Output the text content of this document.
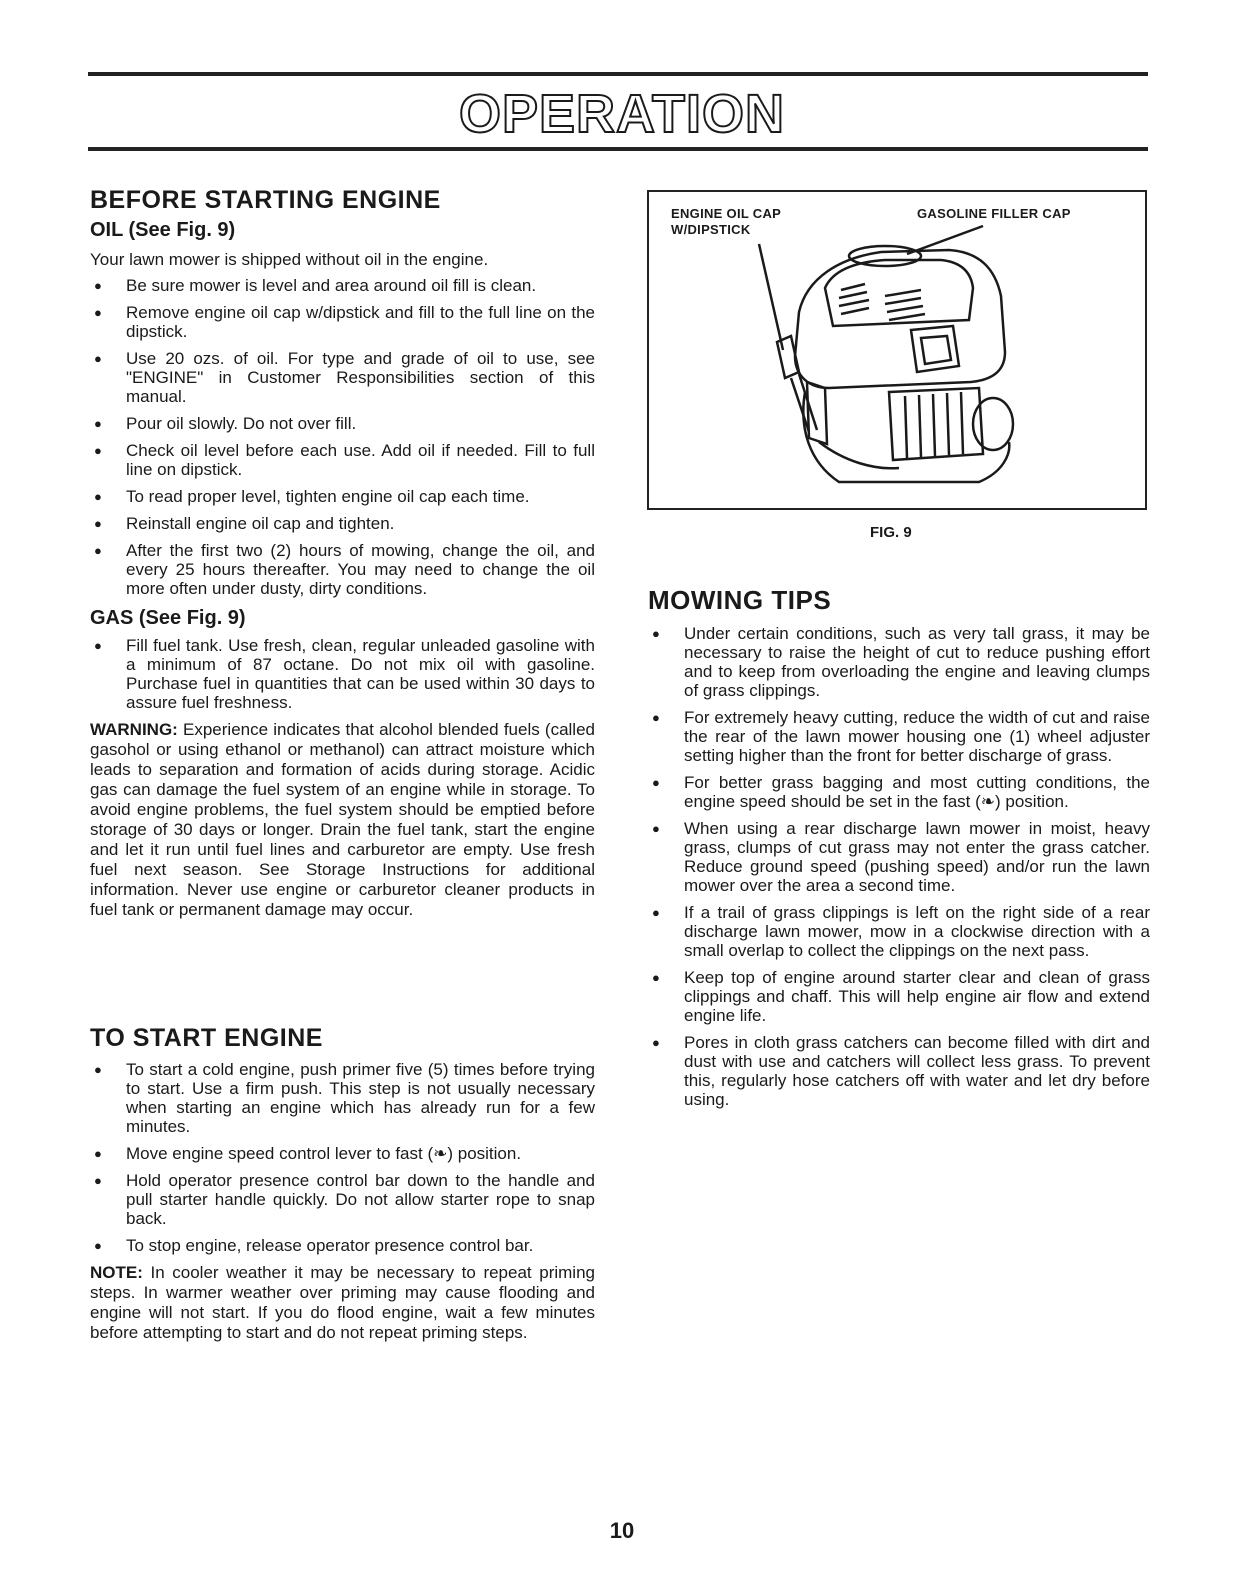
OPERATION
BEFORE STARTING ENGINE
OIL (See Fig. 9)

Your lawn mower is shipped without oil in the engine.

● Be sure mower is level and area around oil fill is clean.
● Remove engine oil cap w/dipstick and fill to the full line on the dipstick.
● Use 20 ozs. of oil. For type and grade of oil to use, see "ENGINE" in Customer Responsibilities section of this manual.
● Pour oil slowly. Do not over fill.
● Check oil level before each use. Add oil if needed. Fill to full line on dipstick.
● To read proper level, tighten engine oil cap each time.
● Reinstall engine oil cap and tighten.
● After the first two (2) hours of mowing, change the oil, and every 25 hours thereafter. You may need to change the oil more often under dusty, dirty conditions.
GAS (See Fig. 9)
● Fill fuel tank. Use fresh, clean, regular unleaded gasoline with a minimum of 87 octane. Do not mix oil with gasoline. Purchase fuel in quantities that can be used within 30 days to assure fuel freshness.

WARNING: Experience indicates that alcohol blended fuels (called gasohol or using ethanol or methanol) can attract moisture which leads to separation and formation of acids during storage. Acidic gas can damage the fuel system of an engine while in storage. To avoid engine problems, the fuel system should be emptied before storage of 30 days or longer. Drain the fuel tank, start the engine and let it run until fuel lines and carburetor are empty. Use fresh fuel next season. See Storage Instructions for additional information. Never use engine or carburetor cleaner products in fuel tank or permanent damage may occur.

TO START ENGINE
● To start a cold engine, push primer five (5) times before trying to start. Use a firm push. This step is not usually necessary when starting an engine which has already run for a few minutes.
● Move engine speed control lever to fast (❧) position.
● Hold operator presence control bar down to the handle and pull starter handle quickly. Do not allow starter rope to snap back.
● To stop engine, release operator presence control bar.

NOTE: In cooler weather it may be necessary to repeat priming steps. In warmer weather over priming may cause flooding and engine will not start. If you do flood engine, wait a few minutes before attempting to start and do not repeat priming steps.

ENGINE OIL CAP
W/DIPSTICK
GASOLINE FILLER CAP
FIG. 9
MOWING TIPS
● Under certain conditions, such as very tall grass, it may be necessary to raise the height of cut to reduce pushing effort and to keep from overloading the engine and leaving clumps of grass clippings.
● For extremely heavy cutting, reduce the width of cut and raise the rear of the lawn mower housing one (1) wheel adjuster setting higher than the front for better discharge of grass.
● For better grass bagging and most cutting conditions, the engine speed should be set in the fast (❧) position.
● When using a rear discharge lawn mower in moist, heavy grass, clumps of cut grass may not enter the grass catcher. Reduce ground speed (pushing speed) and/or run the lawn mower over the area a second time.
● If a trail of grass clippings is left on the right side of a rear discharge lawn mower, mow in a clockwise direction with a small overlap to collect the clippings on the next pass.
● Keep top of engine around starter clear and clean of grass clippings and chaff. This will help engine air flow and extend engine life.
● Pores in cloth grass catchers can become filled with dirt and dust with use and catchers will collect less grass. To prevent this, regularly hose catchers off with water and let dry before using.
10
